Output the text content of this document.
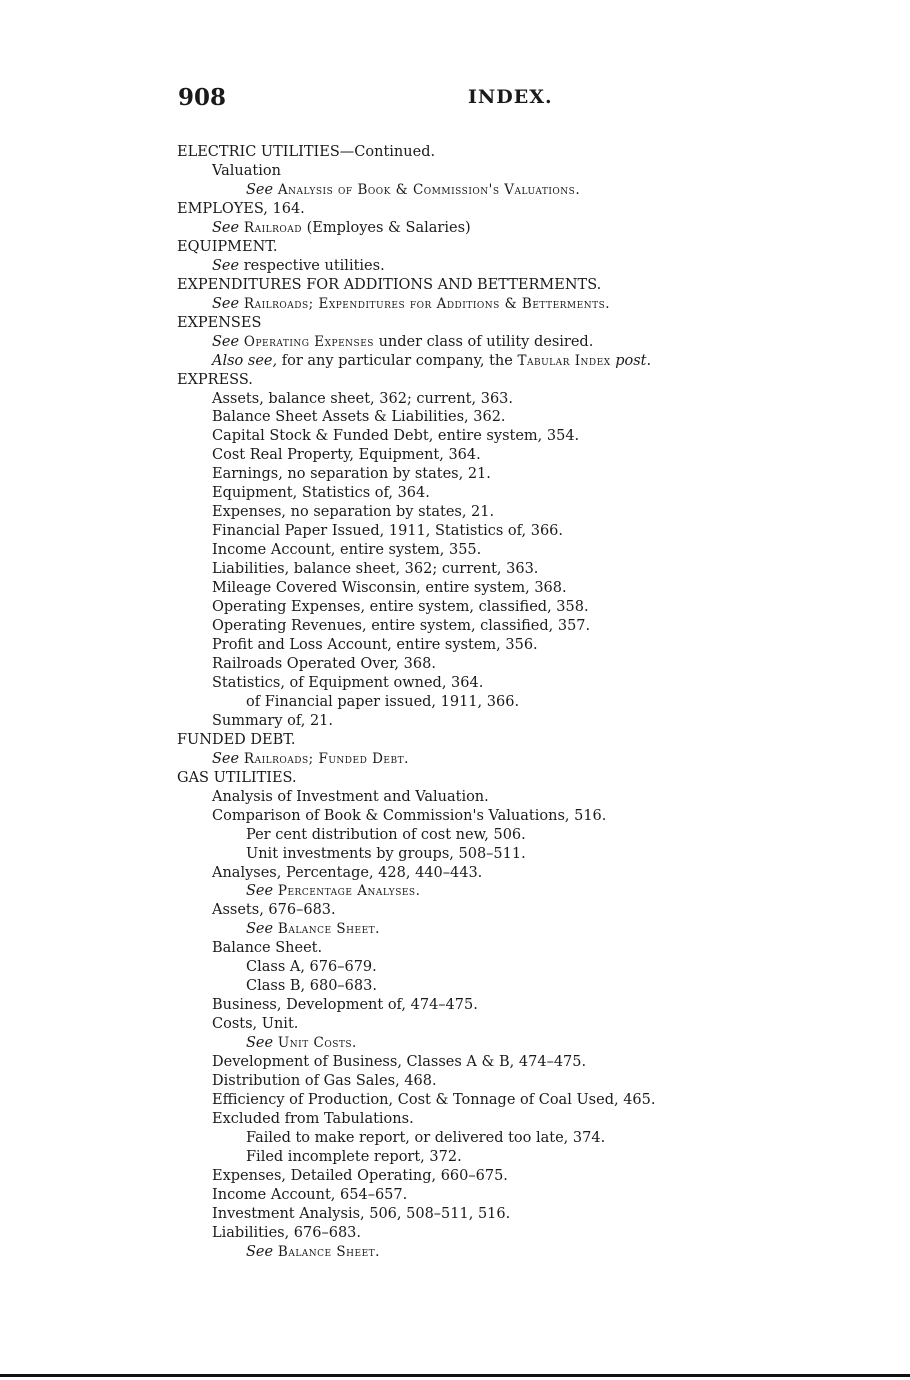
908	INDEX.
ELECTRIC UTILITIES—Continued.
Valuation
See Analysis of Book & Commission's Valuations.
EMPLOYES, 164.
See Railroad (Employes & Salaries)
EQUIPMENT.
See respective utilities.
EXPENDITURES FOR ADDITIONS AND BETTERMENTS.
See Railroads; Expenditures for Additions & Betterments.
EXPENSES
See Operating Expenses under class of utility desired.
Also see, for any particular company, the Tabular Index post.
EXPRESS.
Assets, balance sheet, 362; current, 363.
Balance Sheet Assets & Liabilities, 362.
Capital Stock & Funded Debt, entire system, 354.
Cost Real Property, Equipment, 364.
Earnings, no separation by states, 21.
Equipment, Statistics of, 364.
Expenses, no separation by states, 21.
Financial Paper Issued, 1911, Statistics of, 366.
Income Account, entire system, 355.
Liabilities, balance sheet, 362; current, 363.
Mileage Covered Wisconsin, entire system, 368.
Operating Expenses, entire system, classified, 358.
Operating Revenues, entire system, classified, 357.
Profit and Loss Account, entire system, 356.
Railroads Operated Over, 368.
Statistics, of Equipment owned, 364.
of Financial paper issued, 1911, 366.
Summary of, 21.
FUNDED DEBT.
See Railroads; Funded Debt.
GAS UTILITIES.
Analysis of Investment and Valuation.
Comparison of Book & Commission's Valuations, 516.
Per cent distribution of cost new, 506.
Unit investments by groups, 508–511.
Analyses, Percentage, 428, 440–443.
See Percentage Analyses.
Assets, 676–683.
See Balance Sheet.
Balance Sheet.
Class A, 676–679.
Class B, 680–683.
Business, Development of, 474–475.
Costs, Unit.
See Unit Costs.
Development of Business, Classes A & B, 474–475.
Distribution of Gas Sales, 468.
Efficiency of Production, Cost & Tonnage of Coal Used, 465.
Excluded from Tabulations.
Failed to make report, or delivered too late, 374.
Filed incomplete report, 372.
Expenses, Detailed Operating, 660–675.
Income Account, 654–657.
Investment Analysis, 506, 508–511, 516.
Liabilities, 676–683.
See Balance Sheet.
